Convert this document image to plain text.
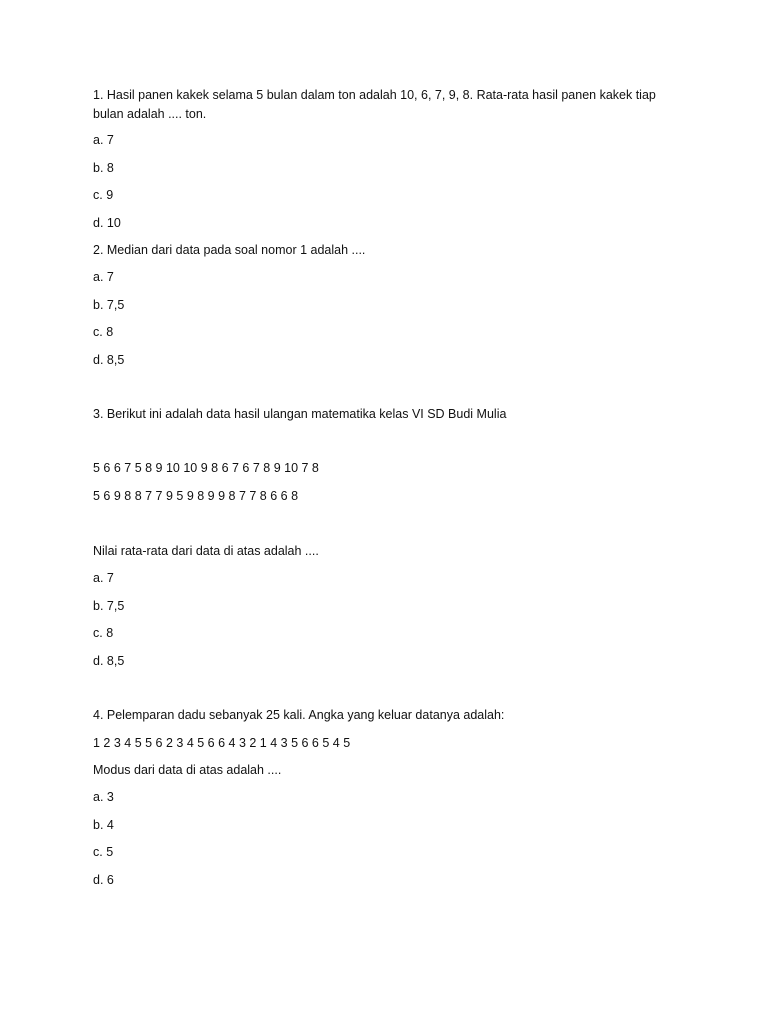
1. Hasil panen kakek selama 5 bulan dalam ton adalah 10, 6, 7, 9, 8. Rata-rata hasil panen kakek tiap
bulan adalah .... ton.
a. 7
b. 8
c. 9
d. 10
2. Median dari data pada soal nomor 1 adalah ....
a. 7
b. 7,5
c. 8
d. 8,5
3. Berikut ini adalah data hasil ulangan matematika kelas VI SD Budi Mulia
5 6 6 7 5 8 9 10 10 9 8 6 7 6 7 8 9 10 7 8
5 6 9 8 8 7 7 9 5 9 8 9 9 8 7 7 8 6 6 8
Nilai rata-rata dari data di atas adalah ....
a. 7
b. 7,5
c. 8
d. 8,5
4. Pelemparan dadu sebanyak 25 kali. Angka yang keluar datanya adalah:
1 2 3 4 5 5 6 2 3 4 5 6 6 4 3 2 1 4 3 5 6 6 5 4 5
Modus dari data di atas adalah ....
a. 3
b. 4
c. 5
d. 6
